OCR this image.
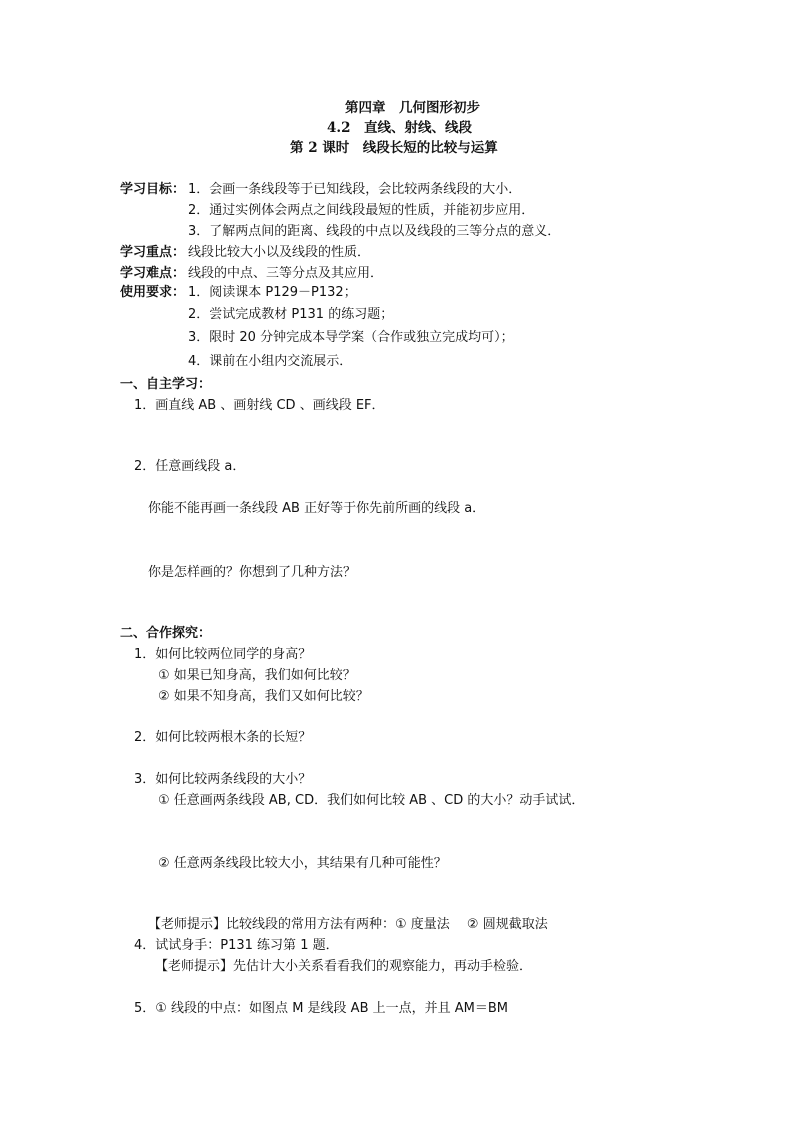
第四章　几何图形初步
4.2　直线、射线、线段
第 2 课时　线段长短的比较与运算
学习目标： 1．会画一条线段等于已知线段，会比较两条线段的大小．
2．通过实例体会两点之间线段最短的性质，并能初步应用．
3．了解两点间的距离、线段的中点以及线段的三等分点的意义．
学习重点： 线段比较大小以及线段的性质．
学习难点： 线段的中点、三等分点及其应用．
使用要求： 1．阅读课本 P129－P132；
2．尝试完成教材 P131 的练习题；
3．限时 20 分钟完成本导学案（合作或独立完成均可）；
4．课前在小组内交流展示．
一、自主学习：
1．画直线 AB 、画射线 CD 、画线段 EF．
2．任意画线段 a．
你能不能再画一条线段 AB 正好等于你先前所画的线段 a．
你是怎样画的？你想到了几种方法？
二、合作探究：
1．如何比较两位同学的身高？
① 如果已知身高，我们如何比较？
② 如果不知身高，我们又如何比较？
2．如何比较两根木条的长短？
3．如何比较两条线段的大小？
① 任意画两条线段 AB, CD．我们如何比较 AB 、CD 的大小？动手试试．
② 任意两条线段比较大小，其结果有几种可能性？
【老师提示】比较线段的常用方法有两种：① 度量法　 ② 圆规截取法
4．试试身手：P131 练习第 1 题．
【老师提示】先估计大小关系看看我们的观察能力，再动手检验．
5．① 线段的中点：如图点 M 是线段 AB 上一点，并且 AM＝BM
